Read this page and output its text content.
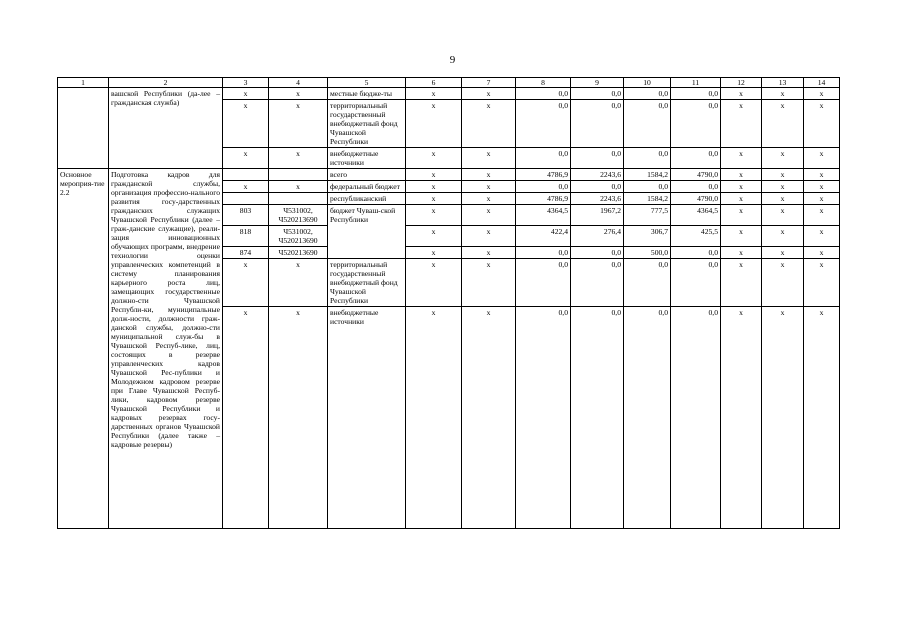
9
1	2	3	4	5	6	7	8	9	10	11	12	13	14
	вашской Республики (да-лее – гражданская служба)	х	х	местные бюдже-ты	х	х	0,0	0,0	0,0	0,0	х	х	х
		х	х	территориальный государственный внебюджетный фонд Чувашской Республики	х	х	0,0	0,0	0,0	0,0	х	х	х
		х	х	внебюджетные источники	х	х	0,0	0,0	0,0	0,0	х	х	х
Основное мероприя-тие 2.2	Подготовка кадров для гражданской службы, организация профессио-нального развития госу-дарственных гражданских служащих Чувашской Республики (далее – граж-данские служащие), реали-зация инновационных обучающих программ, внедрение технологии оценки управленческих компетенций в систему планирования карьерного роста лиц, замещающих государственные должно-сти Чувашской Республи-ки, муниципальные долж-ности, должности граж-данской службы, должно-сти муниципальной служ-бы в Чувашской Респуб-лике, лиц, состоящих в резерве управленческих кадров Чувашской Рес-публики и Молодежном кадровом резерве при Главе Чувашской Респуб-лики, кадровом резерве Чувашской Республики и кадровых резервах госу-дарственных органов Чувашской Республики (далее также – кадровые резервы)			всего	х	х	4786,9	2243,6	1584,2	4790,0	х	х	х
		х	х	федеральный бюджет	х	х	0,0	0,0	0,0	0,0	х	х	х
				республиканский	х	х	4786,9	2243,6	1584,2	4790,0	х	х	х
		803	Ч531002, Ч520213690	бюджет Чуваш-ской Республики	х	х	4364,5	1967,2	777,5	4364,5	х	х	х
		818	Ч531002, Ч520213690		х	х	422,4	276,4	306,7	425,5	х	х	х
		874	Ч520213690		х	х	0,0	0,0	500,0	0,0	х	х	х
		х	х	территориальный государственный внебюджетный фонд Чувашской Республики	х	х	0,0	0,0	0,0	0,0	х	х	х
		х	х	внебюджетные источники	х	х	0,0	0,0	0,0	0,0	х	х	х
